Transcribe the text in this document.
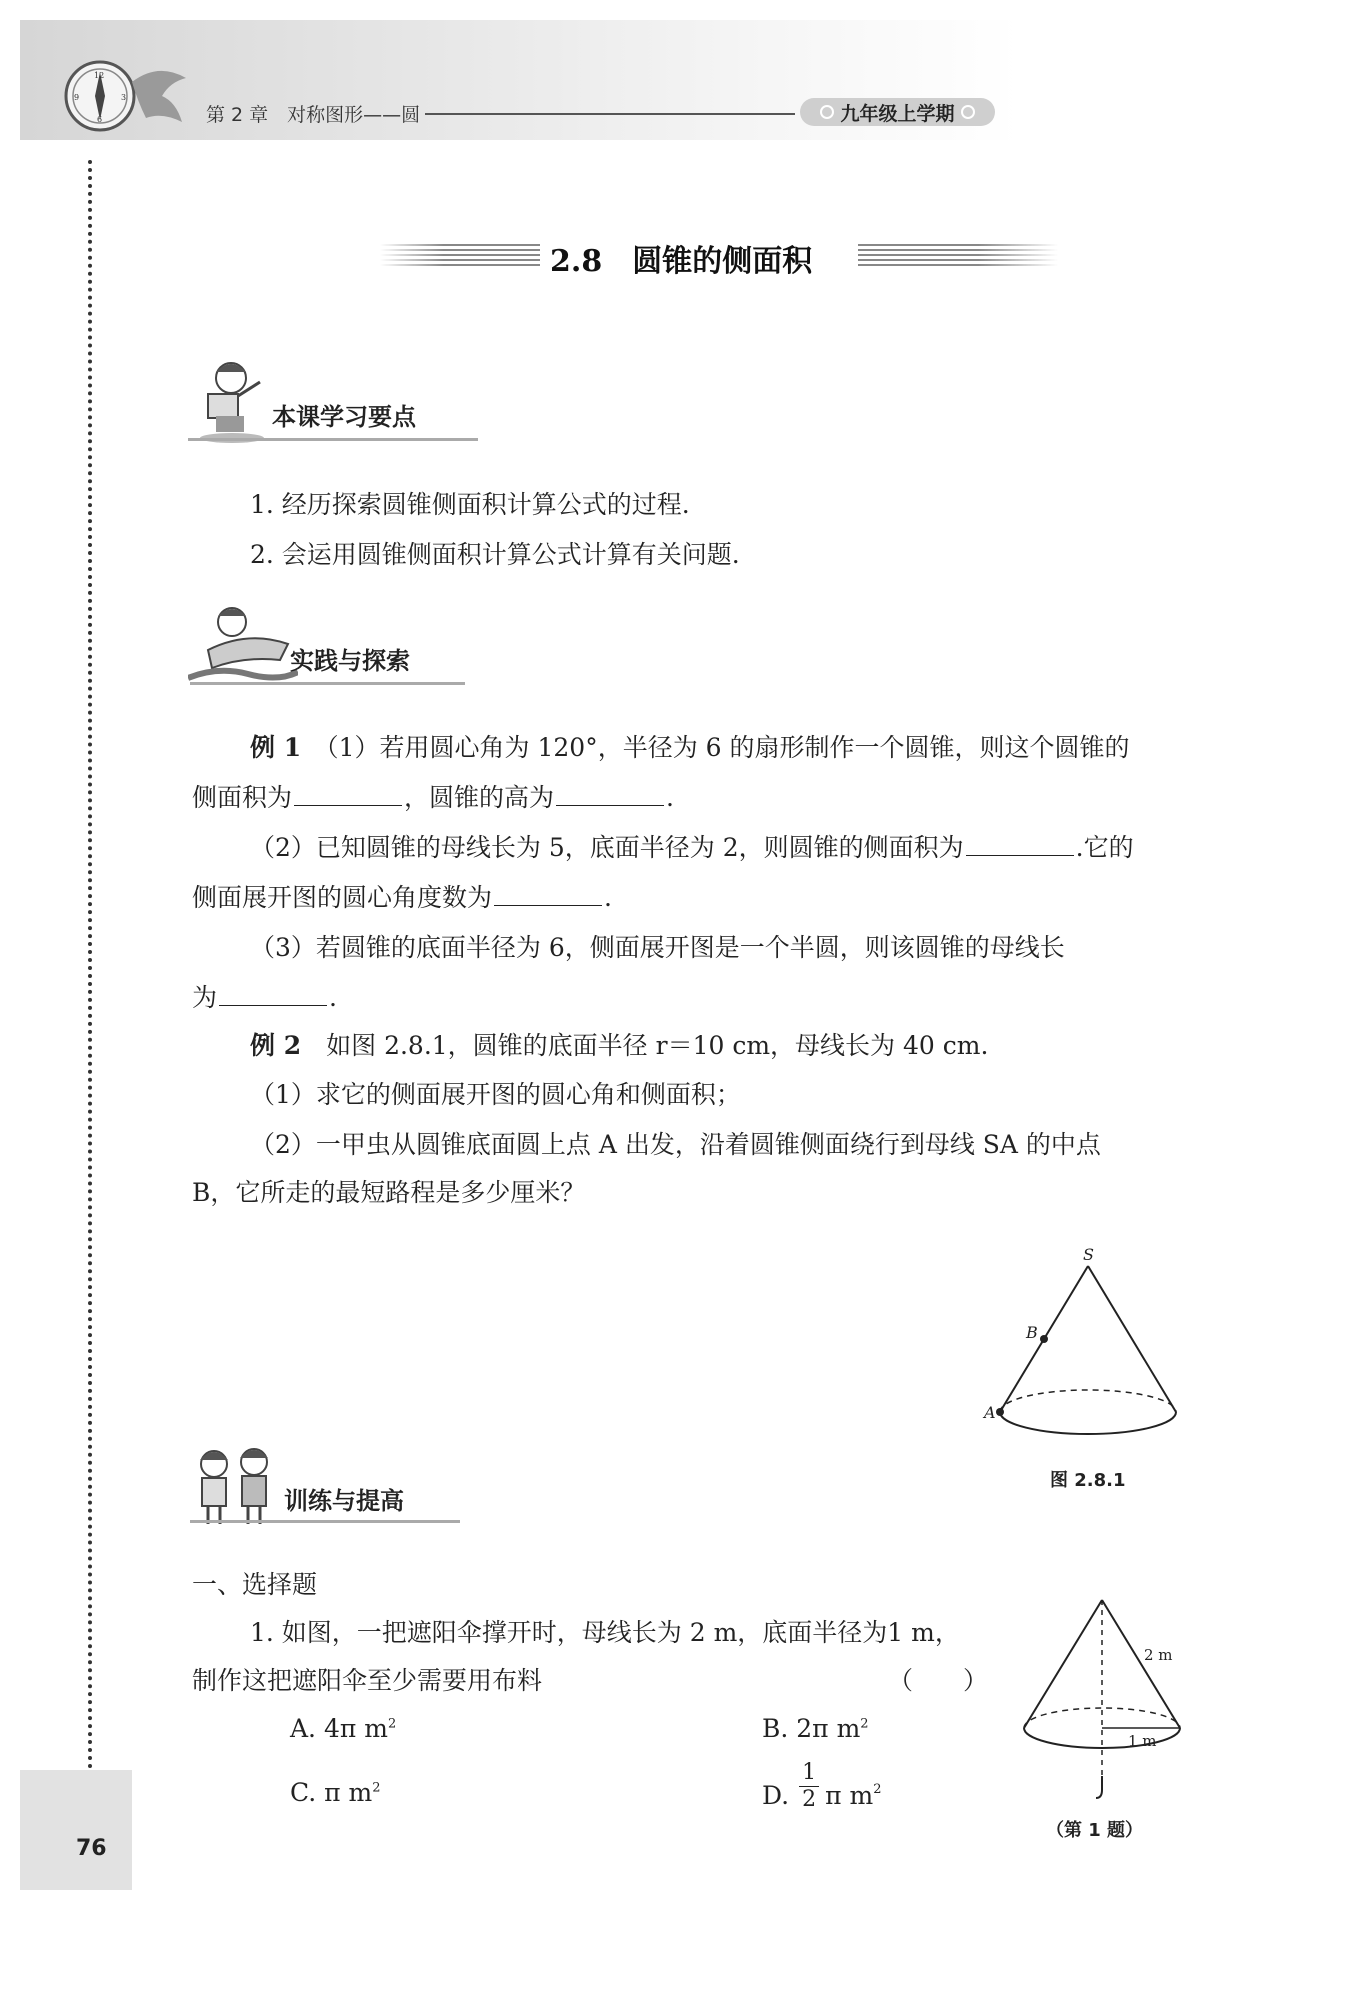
12
3
6
9
第 2 章　对称图形——圆	九年级上学期
2.8　圆锥的侧面积
本课学习要点
1. 经历探索圆锥侧面积计算公式的过程.
2. 会运用圆锥侧面积计算公式计算有关问题.
实践与探索
例 1　 （1）若用圆心角为 120°，半径为 6 的扇形制作一个圆锥，则这个圆锥的
侧面积为	，圆锥的高为	.
（2）已知圆锥的母线长为 5，底面半径为 2，则圆锥的侧面积为	.它的
侧面展开图的圆心角度数为	.
（3）若圆锥的底面半径为 6，侧面展开图是一个半圆，则该圆锥的母线长
为	.
例 2　 如图 2.8.1，圆锥的底面半径 r＝10 cm，母线长为 40 cm.
（1）求它的侧面展开图的圆心角和侧面积；
（2）一甲虫从圆锥底面圆上点 A 出发，沿着圆锥侧面绕行到母线 SA 的中点
B，它所走的最短路程是多少厘米？
S
B
A
图 2.8.1
训练与提高
一、选择题
1. 如图，一把遮阳伞撑开时，母线长为 2 m，底面半径为1 m，
制作这把遮阳伞至少需要用布料	（　　）
A. 4π $m^2$	B. 2π $m^2$
C. π $m^2$	D. $\frac{1}{2}$ π $m^2$
2 m
1 m
（第 1 题）
76
